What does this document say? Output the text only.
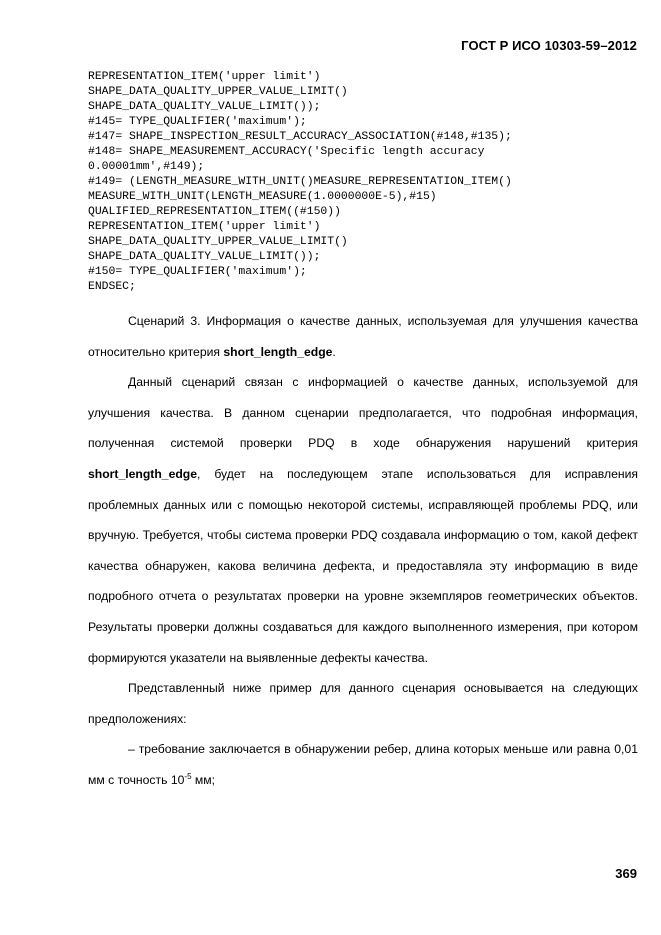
ГОСТ Р ИСО 10303-59–2012
REPRESENTATION_ITEM('upper limit')
SHAPE_DATA_QUALITY_UPPER_VALUE_LIMIT()
SHAPE_DATA_QUALITY_VALUE_LIMIT());
#145= TYPE_QUALIFIER('maximum');
#147= SHAPE_INSPECTION_RESULT_ACCURACY_ASSOCIATION(#148,#135);
#148= SHAPE_MEASUREMENT_ACCURACY('Specific length accuracy
0.00001mm',#149);
#149= (LENGTH_MEASURE_WITH_UNIT()MEASURE_REPRESENTATION_ITEM()
MEASURE_WITH_UNIT(LENGTH_MEASURE(1.0000000E-5),#15)
QUALIFIED_REPRESENTATION_ITEM((#150))
REPRESENTATION_ITEM('upper limit')
SHAPE_DATA_QUALITY_UPPER_VALUE_LIMIT()
SHAPE_DATA_QUALITY_VALUE_LIMIT());
#150= TYPE_QUALIFIER('maximum');
ENDSEC;

Сценарий 3. Информация о качестве данных, используемая для улучшения качества относительно критерия short_length_edge.

Данный сценарий связан с информацией о качестве данных, используемой для улучшения качества. В данном сценарии предполагается, что подробная информация, полученная системой проверки PDQ в ходе обнаружения нарушений критерия short_length_edge, будет на последующем этапе использоваться для исправления проблемных данных или с помощью некоторой системы, исправляющей проблемы PDQ, или вручную. Требуется, чтобы система проверки PDQ создавала информацию о том, какой дефект качества обнаружен, какова величина дефекта, и предоставляла эту информацию в виде подробного отчета о результатах проверки на уровне экземпляров геометрических объектов. Результаты проверки должны создаваться для каждого выполненного измерения, при котором формируются указатели на выявленные дефекты качества.

Представленный ниже пример для данного сценария основывается на следующих предположениях:

– требование заключается в обнаружении ребер, длина которых меньше или равна 0,01 мм с точность $10^{-5}$ мм;

369
